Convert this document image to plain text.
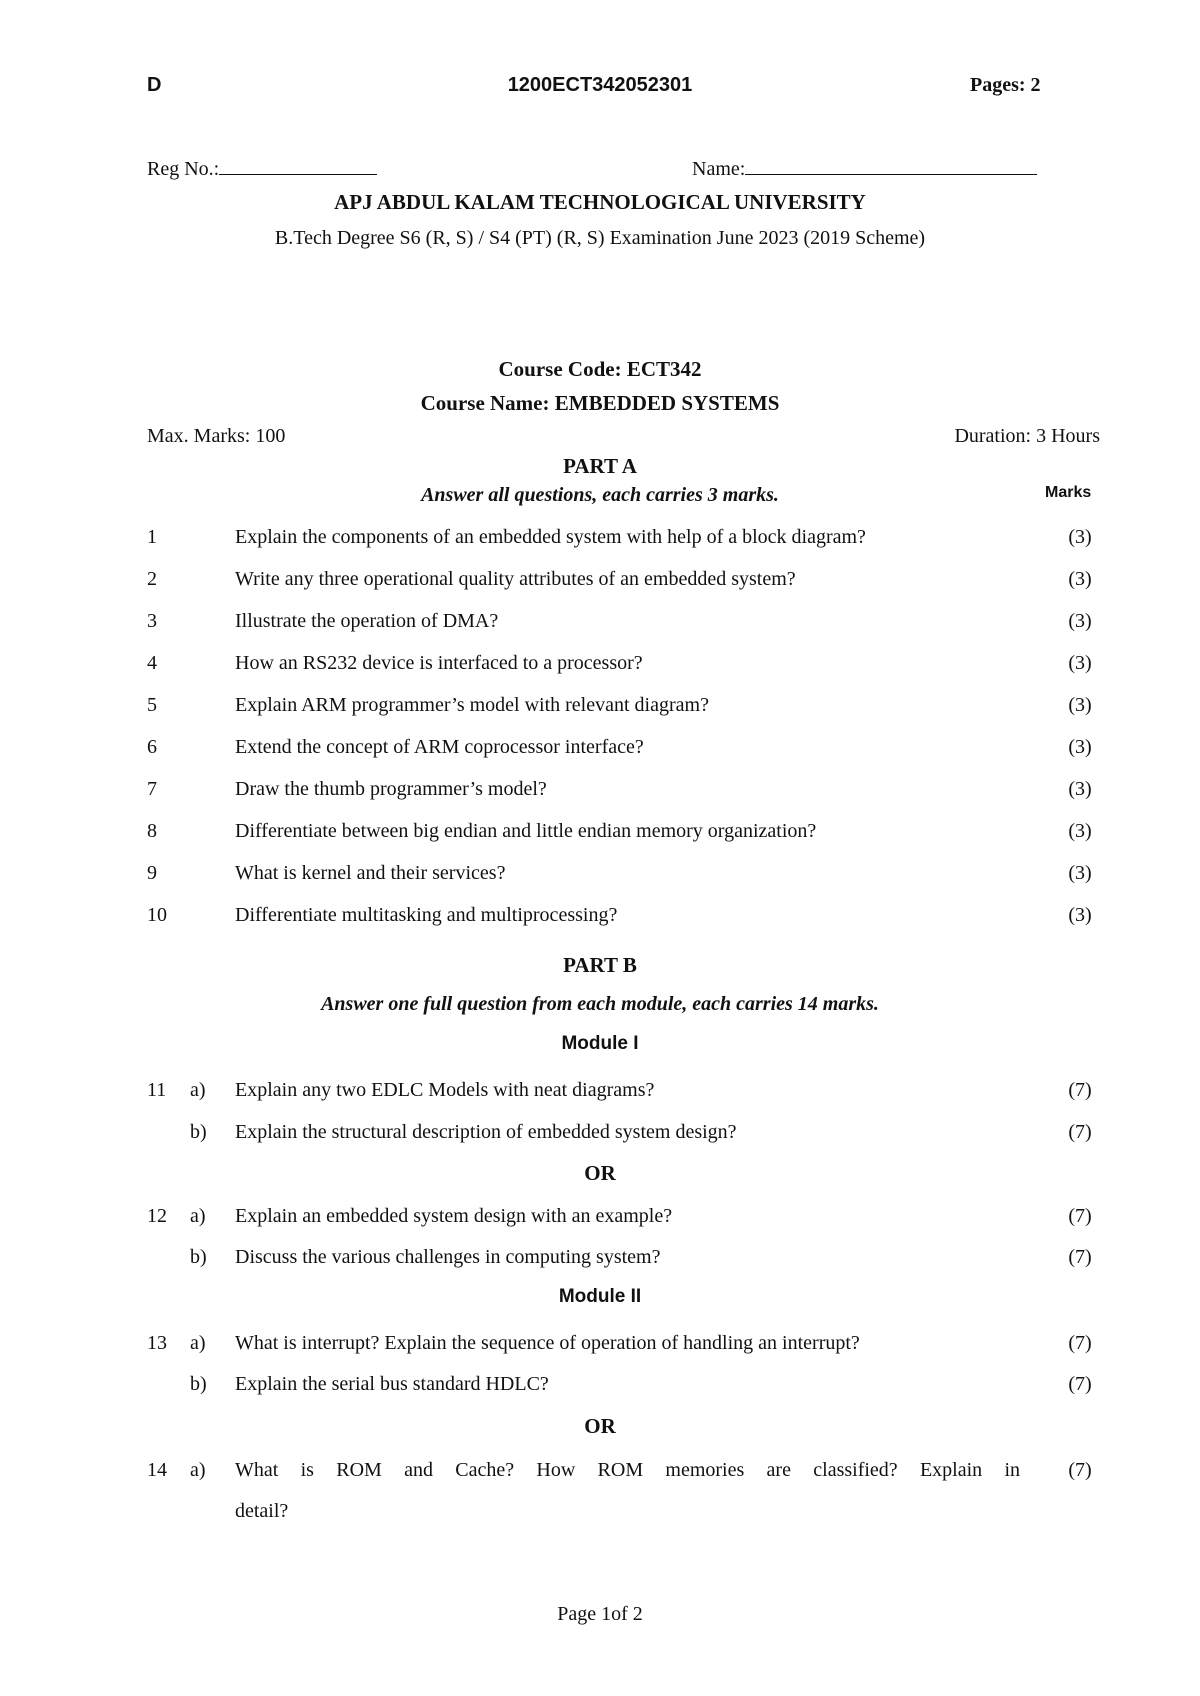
D	1200ECT342052301	Pages: 2
Reg No.:	Name:
APJ ABDUL KALAM TECHNOLOGICAL UNIVERSITY
B.Tech Degree S6 (R, S) / S4 (PT) (R, S) Examination June 2023 (2019 Scheme)
Course Code: ECT342
Course Name: EMBEDDED SYSTEMS
Max. Marks: 100	Duration: 3 Hours
PART A
Answer all questions, each carries 3 marks.	Marks
1	Explain the components of an embedded system with help of a block diagram?	(3)
2	Write any three operational quality attributes of an embedded system?	(3)
3	Illustrate the operation of DMA?	(3)
4	How an RS232 device is interfaced to a processor?	(3)
5	Explain ARM programmer’s model with relevant diagram?	(3)
6	Extend the concept of ARM coprocessor interface?	(3)
7	Draw the thumb programmer’s model?	(3)
8	Differentiate between big endian and little endian memory organization?	(3)
9	What is kernel and their services?	(3)
10	Differentiate multitasking and multiprocessing?	(3)
PART B
Answer one full question from each module, each carries 14 marks.
Module I
11 a) Explain any two EDLC Models with neat diagrams?	(7)
b) Explain the structural description of embedded system design?	(7)
OR
12 a) Explain an embedded system design with an example?	(7)
b) Discuss the various challenges in computing system?	(7)
Module II
13 a) What is interrupt? Explain the sequence of operation of handling an interrupt?	(7)
b) Explain the serial bus standard HDLC?	(7)
OR
14 a) What is ROM and Cache? How ROM memories are classified? Explain in
detail?
(7)
Page 1of 2
